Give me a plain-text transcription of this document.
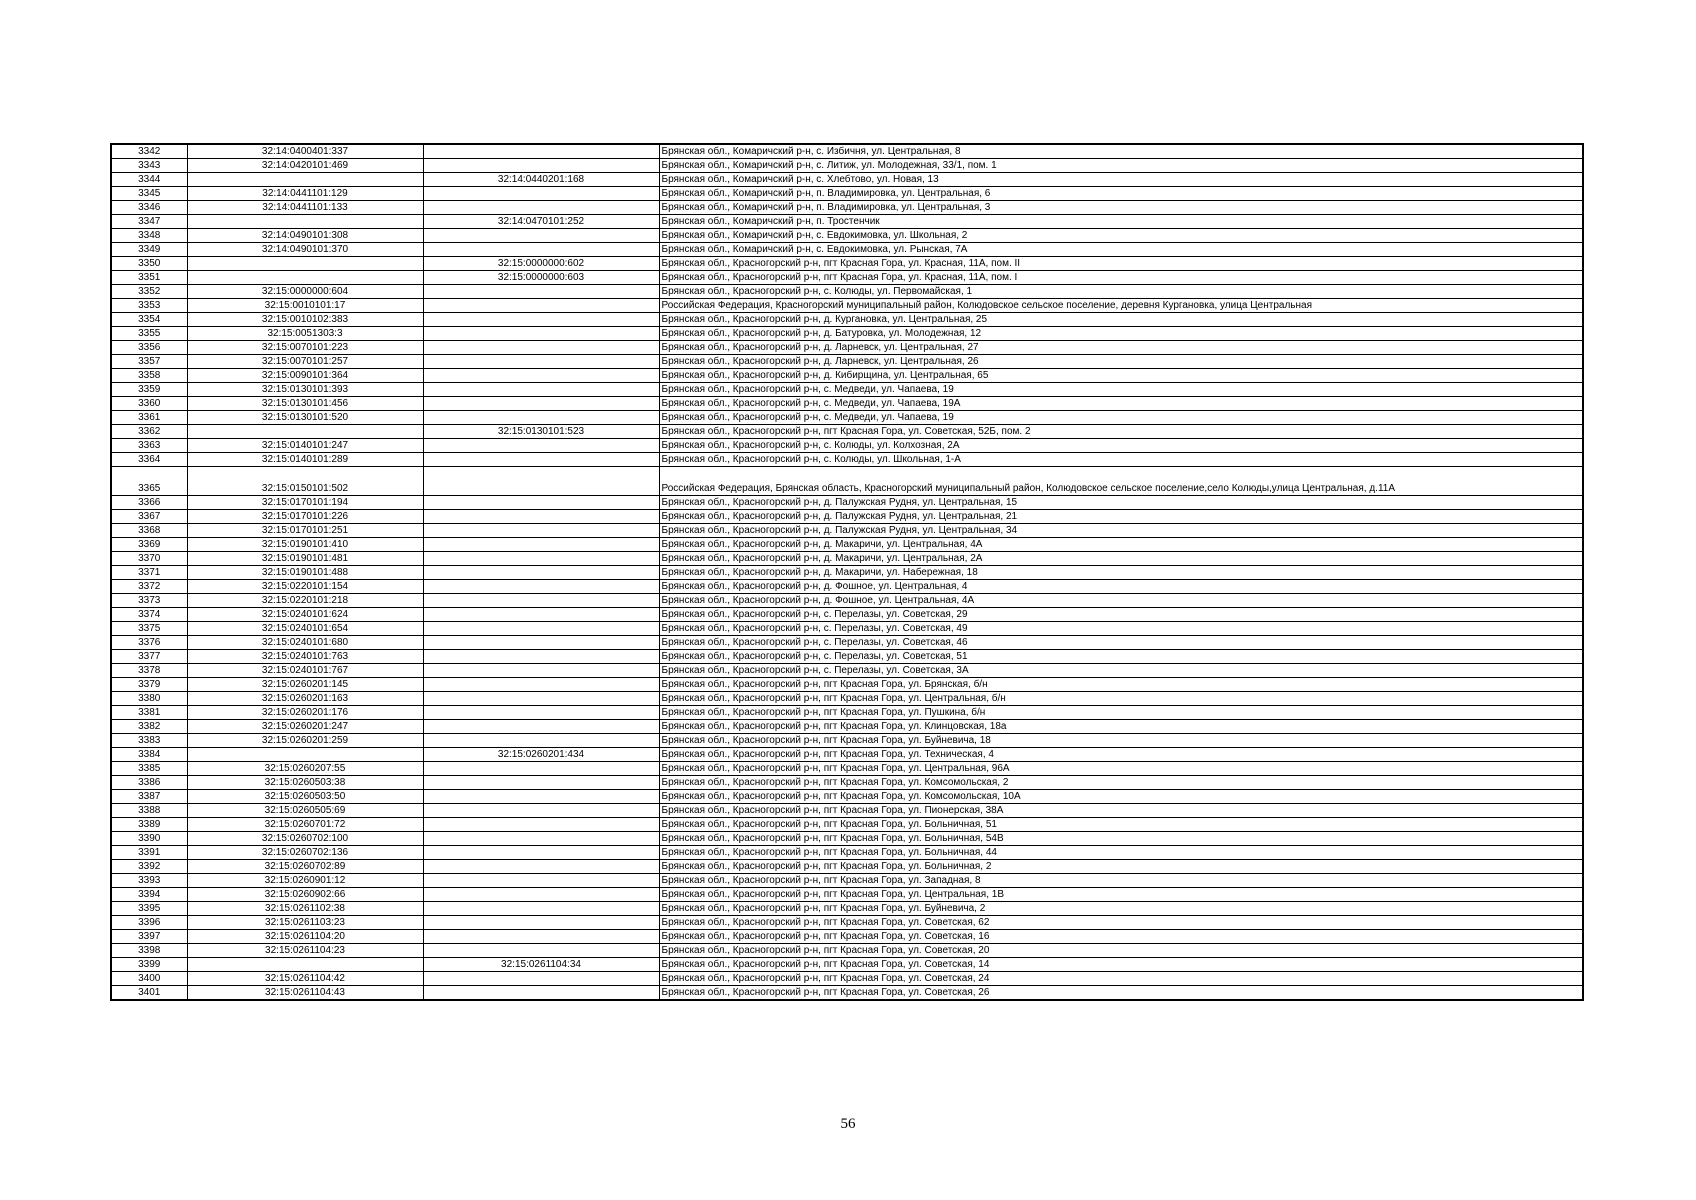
3342	32:14:0400401:337		Брянская обл., Комаричский р-н, с. Избичня, ул. Центральная, 8
3343	32:14:0420101:469		Брянская обл., Комаричский р-н, с. Литиж, ул. Молодежная, 33/1, пом. 1
3344		32:14:0440201:168	Брянская обл., Комаричский р-н, с. Хлебтово, ул. Новая, 13
3345	32:14:0441101:129		Брянская обл., Комаричский р-н, п. Владимировка, ул. Центральная, 6
3346	32:14:0441101:133		Брянская обл., Комаричский р-н, п. Владимировка, ул. Центральная, 3
3347		32:14:0470101:252	Брянская обл., Комаричский р-н, п. Тростенчик
3348	32:14:0490101:308		Брянская обл., Комаричский р-н, с. Евдокимовка, ул. Школьная, 2
3349	32:14:0490101:370		Брянская обл., Комаричский р-н, с. Евдокимовка, ул. Рынская, 7А
3350		32:15:0000000:602	Брянская обл., Красногорский р-н, пгт Красная Гора, ул. Красная, 11А, пом. II
3351		32:15:0000000:603	Брянская обл., Красногорский р-н, пгт Красная Гора, ул. Красная, 11А, пом. I
3352	32:15:0000000:604		Брянская обл., Красногорский р-н, с. Колюды, ул. Первомайская, 1
3353	32:15:0010101:17		Российская Федерация, Красногорский муниципальный район, Колюдовское сельское поселение, деревня Кургановка, улица Центральная
3354	32:15:0010102:383		Брянская обл., Красногорский р-н, д. Кургановка, ул. Центральная, 25
3355	32:15:0051303:3		Брянская обл., Красногорский р-н, д. Батуровка, ул. Молодежная, 12
3356	32:15:0070101:223		Брянская обл., Красногорский р-н, д. Ларневск, ул. Центральная, 27
3357	32:15:0070101:257		Брянская обл., Красногорский р-н, д. Ларневск, ул. Центральная, 26
3358	32:15:0090101:364		Брянская обл., Красногорский р-н, д. Кибирщина, ул. Центральная, 65
3359	32:15:0130101:393		Брянская обл., Красногорский р-н, с. Медведи, ул. Чапаева, 19
3360	32:15:0130101:456		Брянская обл., Красногорский р-н, с. Медведи, ул. Чапаева, 19А
3361	32:15:0130101:520		Брянская обл., Красногорский р-н, с. Медведи, ул. Чапаева, 19
3362		32:15:0130101:523	Брянская обл., Красногорский р-н, пгт Красная Гора, ул. Советская, 52Б, пом. 2
3363	32:15:0140101:247		Брянская обл., Красногорский р-н, с. Колюды, ул. Колхозная, 2А
3364	32:15:0140101:289		Брянская обл., Красногорский р-н, с. Колюды, ул. Школьная, 1-А
3365	32:15:0150101:502		Российская Федерация, Брянская область, Красногорский муниципальный район, Колюдовское сельское поселение,село Колюды,улица Центральная, д.11А
3366	32:15:0170101:194		Брянская обл., Красногорский р-н, д. Палужская Рудня, ул. Центральная, 15
3367	32:15:0170101:226		Брянская обл., Красногорский р-н, д. Палужская Рудня, ул. Центральная, 21
3368	32:15:0170101:251		Брянская обл., Красногорский р-н, д. Палужская Рудня, ул. Центральная, 34
3369	32:15:0190101:410		Брянская обл., Красногорский р-н, д. Макаричи, ул. Центральная, 4А
3370	32:15:0190101:481		Брянская обл., Красногорский р-н, д. Макаричи, ул. Центральная, 2А
3371	32:15:0190101:488		Брянская обл., Красногорский р-н, д. Макаричи, ул. Набережная, 18
3372	32:15:0220101:154		Брянская обл., Красногорский р-н, д. Фошное, ул. Центральная, 4
3373	32:15:0220101:218		Брянская обл., Красногорский р-н, д. Фошное, ул. Центральная, 4А
3374	32:15:0240101:624		Брянская обл., Красногорский р-н, с. Перелазы, ул. Советская, 29
3375	32:15:0240101:654		Брянская обл., Красногорский р-н, с. Перелазы, ул. Советская, 49
3376	32:15:0240101:680		Брянская обл., Красногорский р-н, с. Перелазы, ул. Советская, 46
3377	32:15:0240101:763		Брянская обл., Красногорский р-н, с. Перелазы, ул. Советская, 51
3378	32:15:0240101:767		Брянская обл., Красногорский р-н, с. Перелазы, ул. Советская, 3А
3379	32:15:0260201:145		Брянская обл., Красногорский р-н, пгт Красная Гора, ул. Брянская, б/н
3380	32:15:0260201:163		Брянская обл., Красногорский р-н, пгт Красная Гора, ул. Центральная, б/н
3381	32:15:0260201:176		Брянская обл., Красногорский р-н, пгт Красная Гора, ул. Пушкина, б/н
3382	32:15:0260201:247		Брянская обл., Красногорский р-н, пгт Красная Гора, ул. Клинцовская, 18а
3383	32:15:0260201:259		Брянская обл., Красногорский р-н, пгт Красная Гора, ул. Буйневича, 18
3384		32:15:0260201:434	Брянская обл., Красногорский р-н, пгт Красная Гора, ул. Техническая, 4
3385	32:15:0260207:55		Брянская обл., Красногорский р-н, пгт Красная Гора, ул. Центральная, 96А
3386	32:15:0260503:38		Брянская обл., Красногорский р-н, пгт Красная Гора, ул. Комсомольская, 2
3387	32:15:0260503:50		Брянская обл., Красногорский р-н, пгт Красная Гора, ул. Комсомольская, 10А
3388	32:15:0260505:69		Брянская обл., Красногорский р-н, пгт Красная Гора, ул. Пионерская, 38А
3389	32:15:0260701:72		Брянская обл., Красногорский р-н, пгт Красная Гора, ул. Больничная, 51
3390	32:15:0260702:100		Брянская обл., Красногорский р-н, пгт Красная Гора, ул. Больничная, 54В
3391	32:15:0260702:136		Брянская обл., Красногорский р-н, пгт Красная Гора, ул. Больничная, 44
3392	32:15:0260702:89		Брянская обл., Красногорский р-н, пгт Красная Гора, ул. Больничная, 2
3393	32:15:0260901:12		Брянская обл., Красногорский р-н, пгт Красная Гора, ул. Западная, 8
3394	32:15:0260902:66		Брянская обл., Красногорский р-н, пгт Красная Гора, ул. Центральная, 1В
3395	32:15:0261102:38		Брянская обл., Красногорский р-н, пгт Красная Гора, ул. Буйневича, 2
3396	32:15:0261103:23		Брянская обл., Красногорский р-н, пгт Красная Гора, ул. Советская, 62
3397	32:15:0261104:20		Брянская обл., Красногорский р-н, пгт Красная Гора, ул. Советская, 16
3398	32:15:0261104:23		Брянская обл., Красногорский р-н, пгт Красная Гора, ул. Советская, 20
3399		32:15:0261104:34	Брянская обл., Красногорский р-н, пгт Красная Гора, ул. Советская, 14
3400	32:15:0261104:42		Брянская обл., Красногорский р-н, пгт Красная Гора, ул. Советская, 24
3401	32:15:0261104:43		Брянская обл., Красногорский р-н, пгт Красная Гора, ул. Советская, 26
56
